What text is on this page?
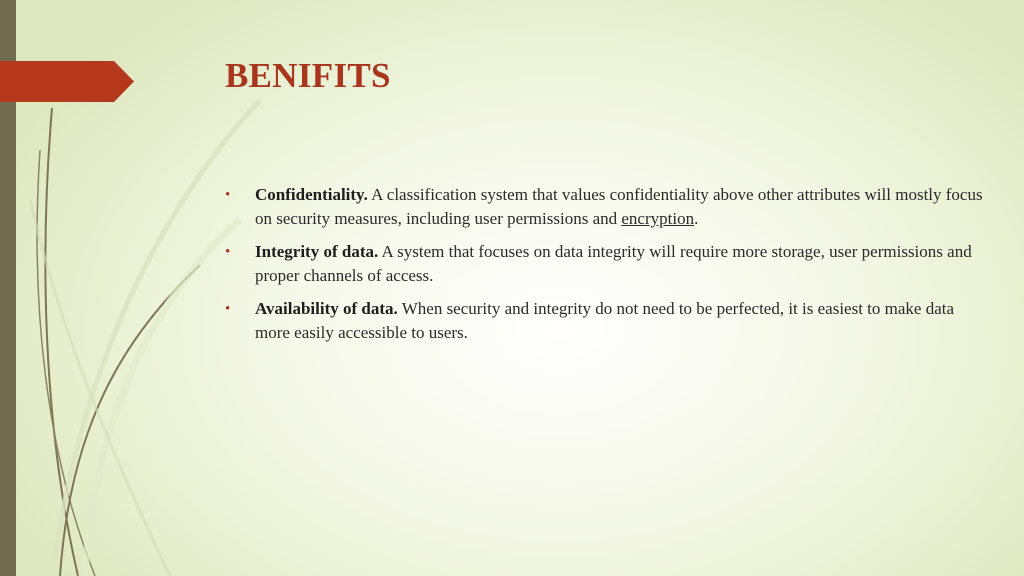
BENIFITS
• Confidentiality. A classification system that values confidentiality above other attributes will mostly focus on security measures, including user permissions and encryption.
• Integrity of data. A system that focuses on data integrity will require more storage, user permissions and proper channels of access.
• Availability of data. When security and integrity do not need to be perfected, it is easiest to make data more easily accessible to users.
